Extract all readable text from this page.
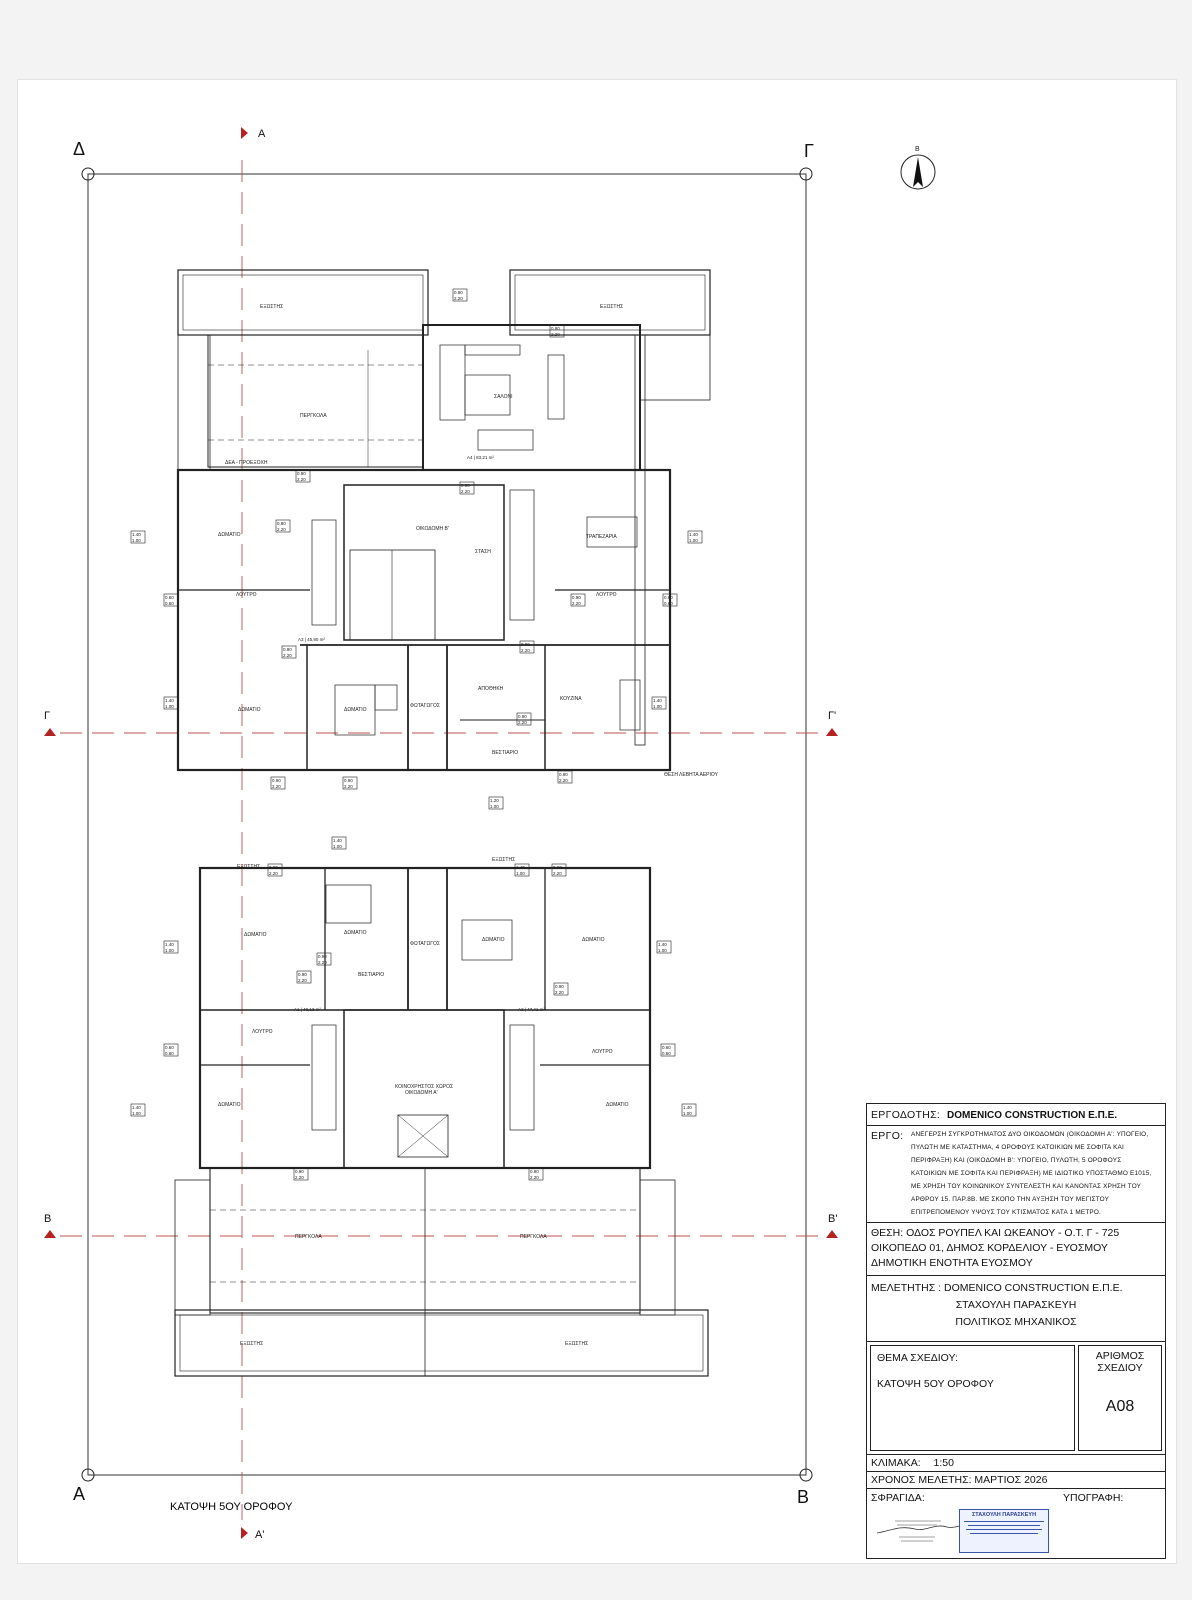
Δ	Γ
Α	Β
Α
Α'
Γ	Γ'
Β	Β'
Β
ΕΞΩΣΤΗΣ	ΕΞΩΣΤΗΣ
ΠΕΡΓΚΟΛΑ
ΣΑΛΟΝΙ
ΔΕΑ - ΠΡΟΕΞΟΧΗ
Α4 | 83,21 m²
ΤΡΑΠΕΖΑΡΙΑ
ΟΙΚΟΔΟΜΗ Β'
ΣΤΑΣΗ
ΔΩΜΑΤΙΟ
ΛΟΥΤΡΟ	ΛΟΥΤΡΟ
Α3 | 45,90 m²
ΔΩΜΑΤΙΟ	ΔΩΜΑΤΙΟ
ΦΩΤΑΓΩΓΟΣ
ΑΠΟΘΗΚΗ
ΚΟΥΖΙΝΑ
ΒΕΣΤΙΑΡΙΟ
ΘΕΣΗ ΛΕΒΗΤΑ ΑΕΡΙΟΥ
ΕΞΩΣΤΗΣ
ΕΞΩΣΤΗΣ
ΔΩΜΑΤΙΟ	ΔΩΜΑΤΙΟ
ΦΩΤΑΓΩΓΟΣ
ΔΩΜΑΤΙΟ	ΔΩΜΑΤΙΟ
ΒΕΣΤΙΑΡΙΟ
Α1 | 49,13 m²	Α2 | 47,41 m²
ΛΟΥΤΡΟ
ΛΟΥΤΡΟ
ΚΟΙΝΟΧΡΗΣΤΟΣ ΧΩΡΟΣ
ΟΙΚΟΔΟΜΗ Α'
ΔΩΜΑΤΙΟ	ΔΩΜΑΤΙΟ
ΠΕΡΓΚΟΛΑ	ΠΕΡΓΚΟΛΑ
ΕΞΩΣΤΗΣ	ΕΞΩΣΤΗΣ
0.90
2.20
0.90
2.20
0.90
2.20
0.90
2.20
1.40
1.00
1.40
1.00
0.90
2.20
0.60
0.60
0.60
0.60
0.90
2.20
0.90
2.20
0.90
2.20
1.40
1.00
1.40
1.00
0.90
2.20
0.90
2.20
0.90
2.20
0.90
2.20
1.20
1.00
1.40
1.00
0.90
2.20
1.40
1.00
0.90
2.20
1.40
1.00
1.40
1.00
0.90
2.20
0.90
2.20
0.90
2.20
0.60
0.60
0.60
0.60
1.40
1.00
1.40
1.00
0.90
2.20
0.90
2.20
ΚΑΤΟΨΗ 5ΟΥ ΟΡΟΦΟΥ
ΕΡΓΟΔΟΤΗΣ: DOMENICO CONSTRUCTION Ε.Π.Ε.
ΕΡΓΟ:	ΑΝΕΓΕΡΣΗ ΣΥΓΚΡΟΤΗΜΑΤΟΣ ΔΥΟ ΟΙΚΟΔΟΜΩΝ (ΟΙΚΟΔΟΜΗ Α': ΥΠΟΓΕΙΟ,
ΠΥΛΩΤΗ ΜΕ ΚΑΤΑΣΤΗΜΑ, 4 ΟΡΟΦΟΥΣ ΚΑΤΟΙΚΙΩΝ ΜΕ ΣΟΦΙΤΑ ΚΑΙ
ΠΕΡΙΦΡΑΞΗ) ΚΑΙ (ΟΙΚΟΔΟΜΗ Β': ΥΠΟΓΕΙΟ, ΠΥΛΩΤΗ, 5 ΟΡΟΦΟΥΣ
ΚΑΤΟΙΚΙΩΝ ΜΕ ΣΟΦΙΤΑ ΚΑΙ ΠΕΡΙΦΡΑΞΗ) ΜΕ ΙΔΙΩΤΙΚΟ ΥΠΟΣΤΑΘΜΟ Ε1015,
ΜΕ ΧΡΗΣΗ ΤΟΥ ΚΟΙΝΩΝΙΚΟΥ ΣΥΝΤΕΛΕΣΤΗ ΚΑΙ ΚΑΝΟΝΤΑΣ ΧΡΗΣΗ ΤΟΥ
ΑΡΘΡΟΥ 15. ΠΑΡ.8Β. ΜΕ ΣΚΟΠΟ ΤΗΝ ΑΥΞΗΣΗ ΤΟΥ ΜΕΓΙΣΤΟΥ
ΕΠΙΤΡΕΠΟΜΕΝΟΥ ΥΨΟΥΣ ΤΟΥ ΚΤΙΣΜΑΤΟΣ ΚΑΤΑ 1 ΜΕΤΡΟ.
ΘΕΣΗ: ΟΔΟΣ ΡΟΥΠΕΛ ΚΑΙ ΩΚΕΑΝΟΥ - Ο.Τ. Γ - 725
ΟΙΚΟΠΕΔΟ 01, ΔΗΜΟΣ ΚΟΡΔΕΛΙΟΥ - ΕΥΟΣΜΟΥ
ΔΗΜΟΤΙΚΗ ΕΝΟΤΗΤΑ ΕΥΟΣΜΟΥ
ΜΕΛΕΤΗΤΗΣ : DOMENICO CONSTRUCTION Ε.Π.Ε.
ΣΤΑΧΟΥΛΗ ΠΑΡΑΣΚΕΥΗ
ΠΟΛΙΤΙΚΟΣ ΜΗΧΑΝΙΚΟΣ
ΘΕΜΑ ΣΧΕΔΙΟΥ:
ΚΑΤΟΨΗ 5ΟΥ ΟΡΟΦΟΥ
ΑΡΙΘΜΟΣ
ΣΧΕΔΙΟΥ
Α08
ΚΛΙΜΑΚΑ: 1:50
ΧΡΟΝΟΣ ΜΕΛΕΤΗΣ: ΜΑΡΤΙΟΣ 2026
ΣΦΡΑΓΙΔΑ:	ΥΠΟΓΡΑΦΗ:
ΣΤΑΧΟΥΛΗ ΠΑΡΑΣΚΕΥΗ
